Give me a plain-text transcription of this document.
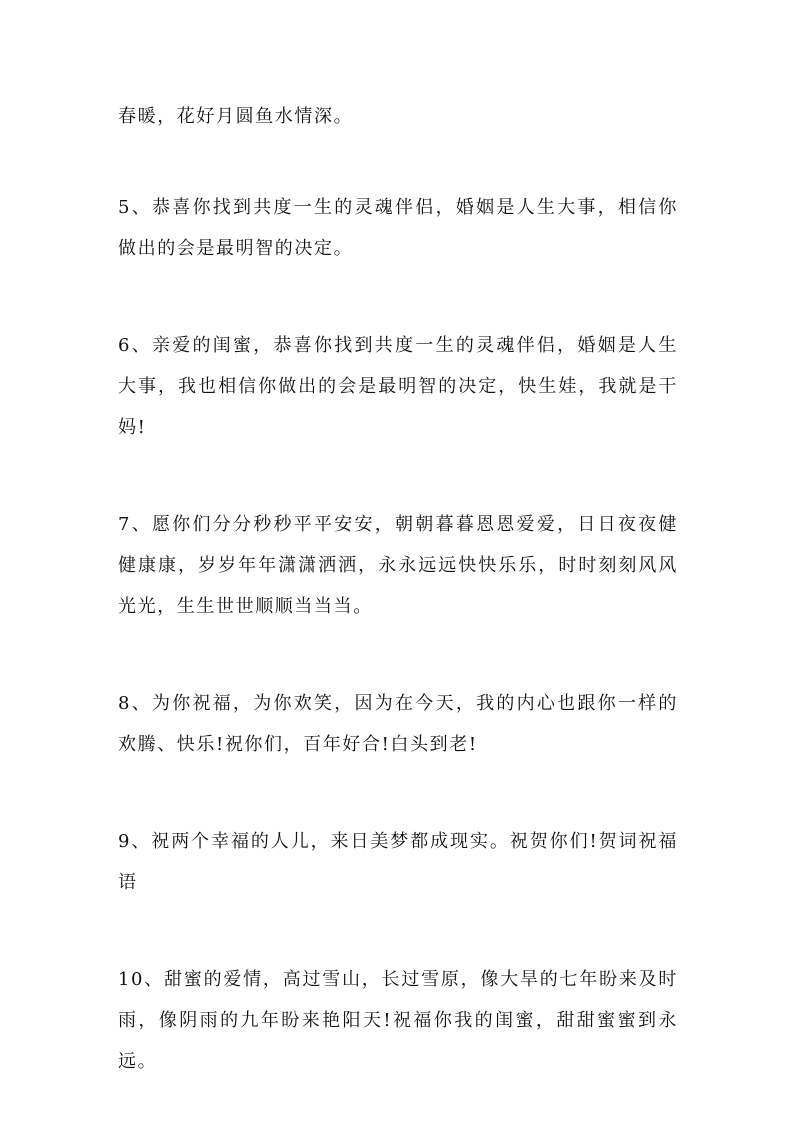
春暖，花好月圆鱼水情深。

5、恭喜你找到共度一生的灵魂伴侣，婚姻是人生大事，相信你做出的会是最明智的决定。

6、亲爱的闺蜜，恭喜你找到共度一生的灵魂伴侣，婚姻是人生大事，我也相信你做出的会是最明智的决定，快生娃，我就是干妈!

7、愿你们分分秒秒平平安安，朝朝暮暮恩恩爱爱，日日夜夜健健康康，岁岁年年潇潇洒洒，永永远远快快乐乐，时时刻刻风风光光，生生世世顺顺当当当。

8、为你祝福，为你欢笑，因为在今天，我的内心也跟你一样的欢腾、快乐!祝你们，百年好合!白头到老!

9、祝两个幸福的人儿，来日美梦都成现实。祝贺你们!贺词祝福语

10、甜蜜的爱情，高过雪山，长过雪原，像大旱的七年盼来及时雨，像阴雨的九年盼来艳阳天!祝福你我的闺蜜，甜甜蜜蜜到永远。
